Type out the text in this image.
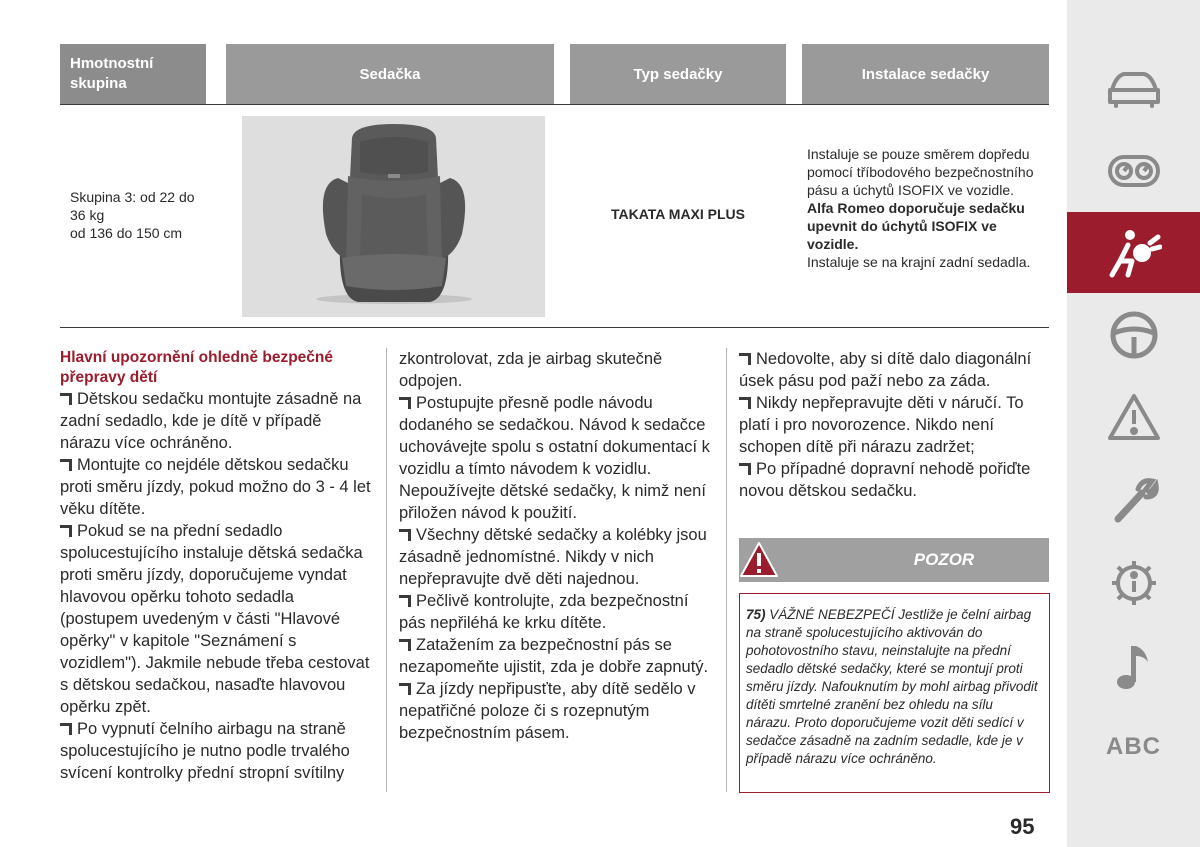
Hmotnostní skupina
Sedačka	Typ sedačky	Instalace sedačky
Skupina 3: od 22 do
36 kg
od 136 do 150 cm
TAKATA MAXI PLUS
Instaluje se pouze směrem dopředu pomocí tříbodového bezpečnostního pásu a úchytů ISOFIX ve vozidle.
Alfa Romeo doporučuje sedačku upevnit do úchytů ISOFIX ve vozidle.
Instaluje se na krajní zadní sedadla.
Hlavní upozornění ohledně bezpečné přepravy dětí
Dětskou sedačku montujte zásadně na zadní sedadlo, kde je dítě v případě nárazu více ochráněno.
Montujte co nejdéle dětskou sedačku proti směru jízdy, pokud možno do 3 - 4 let věku dítěte.
Pokud se na přední sedadlo spolucestujícího instaluje dětská sedačka proti směru jízdy, doporučujeme vyndat hlavovou opěrku tohoto sedadla (postupem uvedeným v části "Hlavové opěrky" v kapitole "Seznámení s vozidlem"). Jakmile nebude třeba cestovat s dětskou sedačkou, nasaďte hlavovou opěrku zpět.
Po vypnutí čelního airbagu na straně spolucestujícího je nutno podle trvalého svícení kontrolky přední stropní svítilny
zkontrolovat, zda je airbag skutečně odpojen.
Postupujte přesně podle návodu dodaného se sedačkou. Návod k sedačce uchovávejte spolu s ostatní dokumentací k vozidlu a tímto návodem k vozidlu. Nepoužívejte dětské sedačky, k nimž není přiložen návod k použití.
Všechny dětské sedačky a kolébky jsou zásadně jednomístné. Nikdy v nich nepřepravujte dvě děti najednou.
Pečlivě kontrolujte, zda bezpečnostní pás nepřiléhá ke krku dítěte.
Zatažením za bezpečnostní pás se nezapomeňte ujistit, zda je dobře zapnutý.
Za jízdy nepřipusťte, aby dítě sedělo v nepatřičné poloze či s rozepnutým bezpečnostním pásem.
Nedovolte, aby si dítě dalo diagonální úsek pásu pod paží nebo za záda.
Nikdy nepřepravujte děti v náručí. To platí i pro novorozence. Nikdo není schopen dítě při nárazu zadržet;
Po případné dopravní nehodě pořiďte novou dětskou sedačku.
POZOR
75) VÁŽNÉ NEBEZPEČÍ Jestliže je čelní airbag na straně spolucestujícího aktivován do pohotovostního stavu, neinstalujte na přední sedadlo dětské sedačky, které se montují proti směru jízdy. Nafouknutím by mohl airbag přivodit dítěti smrtelné zranění bez ohledu na sílu nárazu. Proto doporučujeme vozit děti sedící v sedačce zásadně na zadním sedadle, kde je v případě nárazu více ochráněno.
95
ABC
